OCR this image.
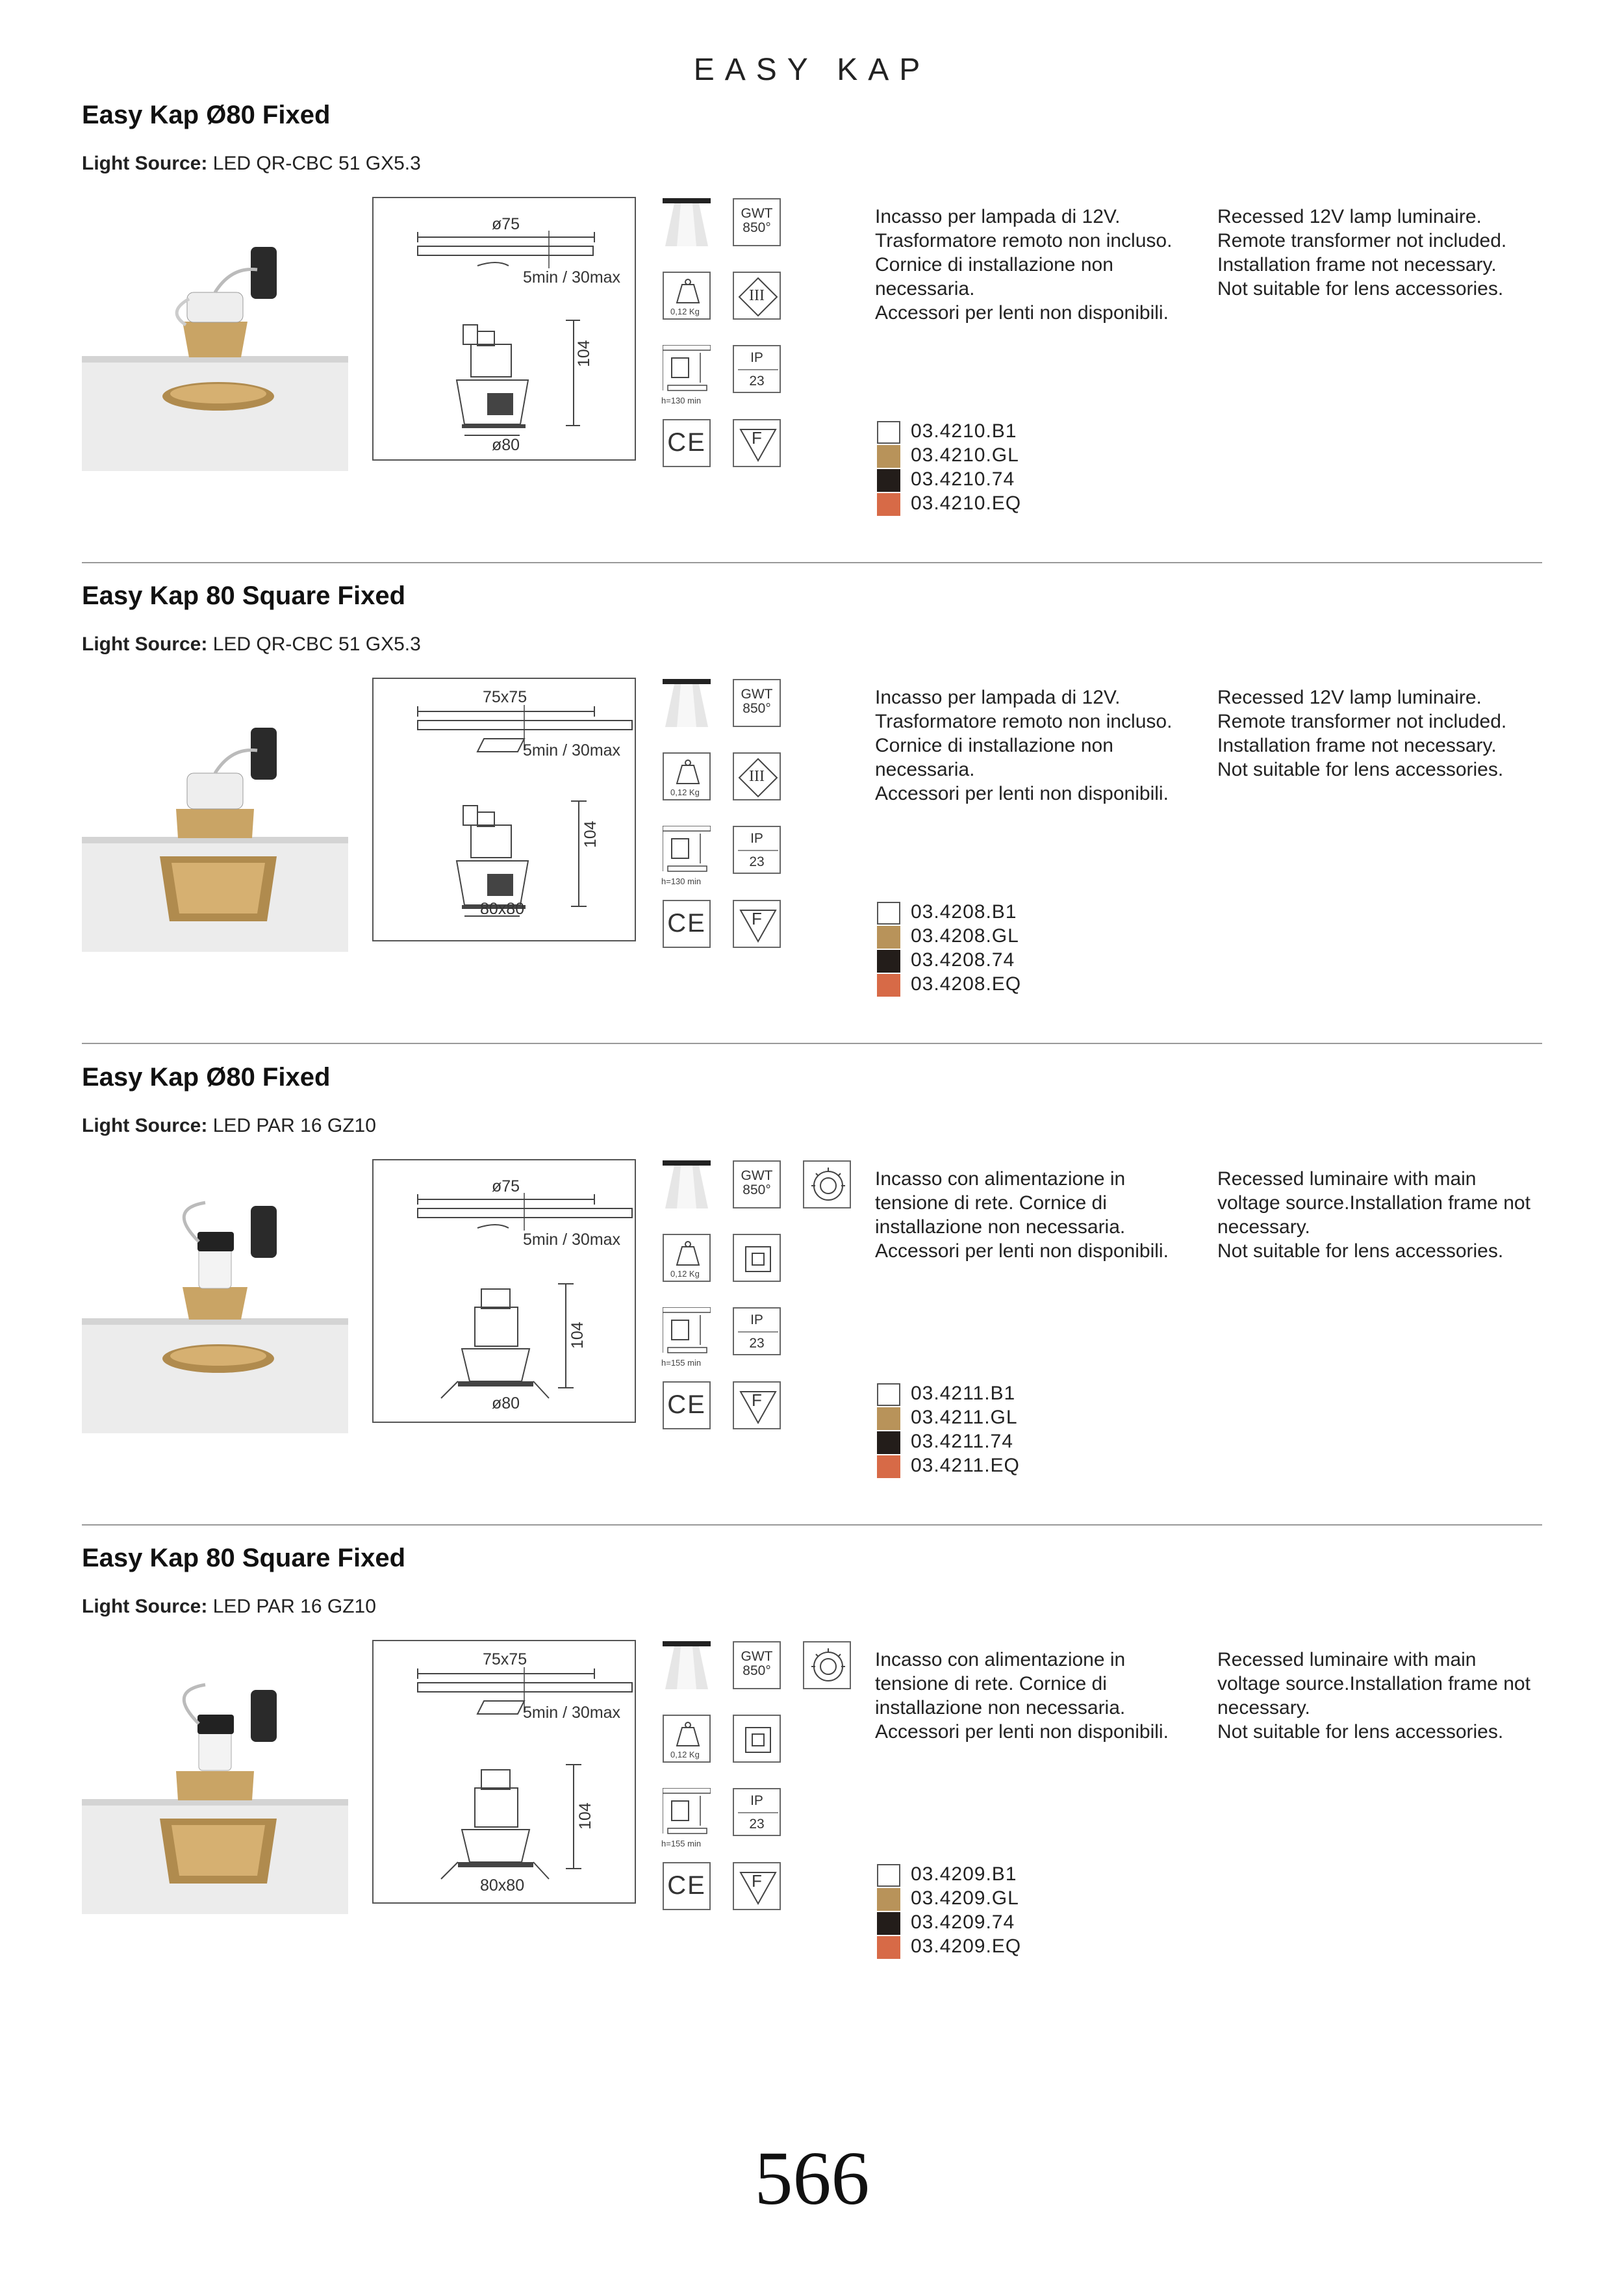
EASY KAP
Easy Kap Ø80 Fixed
Light Source: LED QR-CBC 51 GX5.3
ø75
5min / 30max
104
ø80
GWT
850°
0,12 Kg
III
h=130 min
IP
23
CE	F
Incasso per lampada di 12V.
Trasformatore remoto non incluso.
Cornice di installazione non
necessaria.
Accessori per lenti non disponibili.
Recessed 12V lamp luminaire.
Remote transformer not included.
Installation frame not necessary.
Not suitable for lens accessories.
03.4210.B1
03.4210.GL
03.4210.74
03.4210.EQ
Easy Kap 80 Square Fixed
Light Source: LED QR-CBC 51 GX5.3
75x75
5min / 30max
104
80x80
GWT
850°
0,12 Kg
III
h=130 min
IP
23
CE	F
Incasso per lampada di 12V.
Trasformatore remoto non incluso.
Cornice di installazione non
necessaria.
Accessori per lenti non disponibili.
Recessed 12V lamp luminaire.
Remote transformer not included.
Installation frame not necessary.
Not suitable for lens accessories.
03.4208.B1
03.4208.GL
03.4208.74
03.4208.EQ
Easy Kap Ø80 Fixed
Light Source: LED PAR 16 GZ10
ø75
5min / 30max
104
ø80
GWT
850°
0,12 Kg
h=155 min
IP
23
CE	F
Incasso con alimentazione in
tensione di rete. Cornice di
installazione non necessaria.
Accessori per lenti non disponibili.
Recessed luminaire with main
voltage source.Installation frame not
necessary.
Not suitable for lens accessories.
03.4211.B1
03.4211.GL
03.4211.74
03.4211.EQ
Easy Kap 80 Square Fixed
Light Source: LED PAR 16 GZ10
75x75
5min / 30max
104
80x80
GWT
850°
0,12 Kg
h=155 min
IP
23
CE	F
Incasso con alimentazione in
tensione di rete. Cornice di
installazione non necessaria.
Accessori per lenti non disponibili.
Recessed luminaire with main
voltage source.Installation frame not
necessary.
Not suitable for lens accessories.
03.4209.B1
03.4209.GL
03.4209.74
03.4209.EQ
566
